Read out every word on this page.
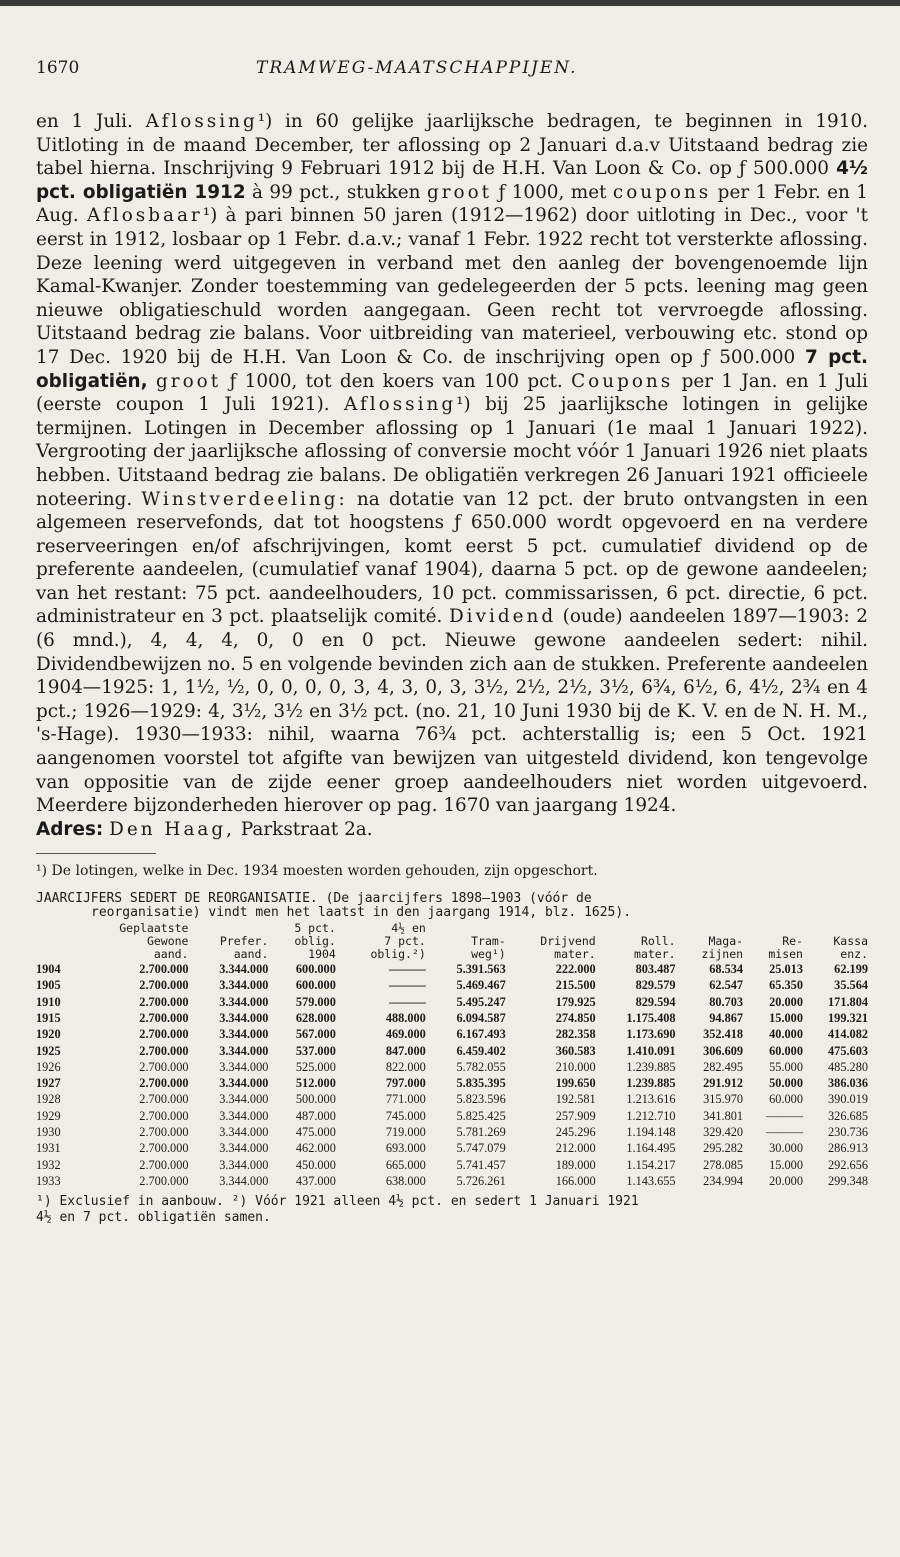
1670	TRAMWEG-MAATSCHAPPIJEN.
en 1 Juli. Aflossing¹) in 60 gelijke jaarlijksche bedragen, te beginnen in 1910. Uitloting in de maand December, ter aflossing op 2 Januari d.a.v Uitstaand bedrag zie tabel hierna. Inschrijving 9 Februari 1912 bij de H.H. Van Loon & Co. op ƒ 500.000 4½ pct. obligatiën 1912 à 99 pct., stukken groot ƒ 1000, met coupons per 1 Febr. en 1 Aug. Aflosbaar¹) à pari binnen 50 jaren (1912—1962) door uitloting in Dec., voor 't eerst in 1912, losbaar op 1 Febr. d.a.v.; vanaf 1 Febr. 1922 recht tot versterkte aflossing. Deze leening werd uitgegeven in verband met den aanleg der bovengenoemde lijn Kamal-Kwanjer. Zonder toestemming van gedelegeerden der 5 pcts. leening mag geen nieuwe obligatieschuld worden aangegaan. Geen recht tot vervroegde aflossing. Uitstaand bedrag zie balans. Voor uitbreiding van materieel, verbouwing etc. stond op 17 Dec. 1920 bij de H.H. Van Loon & Co. de inschrijving open op ƒ 500.000 7 pct. obligatiën, groot ƒ 1000, tot den koers van 100 pct. Coupons per 1 Jan. en 1 Juli (eerste coupon 1 Juli 1921). Aflossing¹) bij 25 jaarlijksche lotingen in gelijke termijnen. Lotingen in December aflossing op 1 Januari (1e maal 1 Januari 1922). Vergrooting der jaarlijksche aflossing of conversie mocht vóór 1 Januari 1926 niet plaats hebben. Uitstaand bedrag zie balans. De obligatiën verkregen 26 Januari 1921 officieele noteering. Winstverdeeling: na dotatie van 12 pct. der bruto ontvangsten in een algemeen reservefonds, dat tot hoogstens ƒ 650.000 wordt opgevoerd en na verdere reserveeringen en/of afschrijvingen, komt eerst 5 pct. cumulatief dividend op de preferente aandeelen, (cumulatief vanaf 1904), daarna 5 pct. op de gewone aandeelen; van het restant: 75 pct. aandeelhouders, 10 pct. commissarissen, 6 pct. directie, 6 pct. administrateur en 3 pct. plaatselijk comité. Dividend (oude) aandeelen 1897—1903: 2 (6 mnd.), 4, 4, 4, 0, 0 en 0 pct. Nieuwe gewone aandeelen sedert: nihil. Dividendbewijzen no. 5 en volgende bevinden zich aan de stukken. Preferente aandeelen 1904—1925: 1, 1½, ½, 0, 0, 0, 0, 3, 4, 3, 0, 3, 3½, 2½, 2½, 3½, 6¾, 6½, 6, 4½, 2¾ en 4 pct.; 1926—1929: 4, 3½, 3½ en 3½ pct. (no. 21, 10 Juni 1930 bij de K. V. en de N. H. M., 's-Hage). 1930—1933: nihil, waarna 76¾ pct. achterstallig is; een 5 Oct. 1921 aangenomen voorstel tot afgifte van bewijzen van uitgesteld dividend, kon tengevolge van oppositie van de zijde eener groep aandeelhouders niet worden uitgevoerd. Meerdere bijzonderheden hierover op pag. 1670 van jaargang 1924.
Adres: Den Haag, Parkstraat 2a.
¹) De lotingen, welke in Dec. 1934 moesten worden gehouden, zijn opgeschort.
JAARCIJFERS SEDERT DE REORGANISATIE. (De jaarcijfers 1898—1903 (vóór de
reorganisatie) vindt men het laatst in den jaargang 1914, blz. 1625).
	Geplaatste		5 pct.	4½ en						
	Gewone	Prefer.	oblig.	7 pct.	Tram-	Drijvend	Roll.	Maga-	Re-	Kassa
	aand.	aand.	1904	oblig.²)	weg¹)	mater.	mater.	zijnen	misen	enz.
1904	2.700.000	3.344.000	600.000	———	5.391.563	222.000	803.487	68.534	25.013	62.199
1905	2.700.000	3.344.000	600.000	———	5.469.467	215.500	829.579	62.547	65.350	35.564
1910	2.700.000	3.344.000	579.000	———	5.495.247	179.925	829.594	80.703	20.000	171.804
1915	2.700.000	3.344.000	628.000	488.000	6.094.587	274.850	1.175.408	94.867	15.000	199.321
1920	2.700.000	3.344.000	567.000	469.000	6.167.493	282.358	1.173.690	352.418	40.000	414.082
1925	2.700.000	3.344.000	537.000	847.000	6.459.402	360.583	1.410.091	306.609	60.000	475.603
1926	2.700.000	3.344.000	525.000	822.000	5.782.055	210.000	1.239.885	282.495	55.000	485.280
1927	2.700.000	3.344.000	512.000	797.000	5.835.395	199.650	1.239.885	291.912	50.000	386.036
1928	2.700.000	3.344.000	500.000	771.000	5.823.596	192.581	1.213.616	315.970	60.000	390.019
1929	2.700.000	3.344.000	487.000	745.000	5.825.425	257.909	1.212.710	341.801	———	326.685
1930	2.700.000	3.344.000	475.000	719.000	5.781.269	245.296	1.194.148	329.420	———	230.736
1931	2.700.000	3.344.000	462.000	693.000	5.747.079	212.000	1.164.495	295.282	30.000	286.913
1932	2.700.000	3.344.000	450.000	665.000	5.741.457	189.000	1.154.217	278.085	15.000	292.656
1933	2.700.000	3.344.000	437.000	638.000	5.726.261	166.000	1.143.655	234.994	20.000	299.348
¹) Exclusief in aanbouw. ²) Vóór 1921 alleen 4½ pct. en sedert 1 Januari 1921
4½ en 7 pct. obligatiën samen.
